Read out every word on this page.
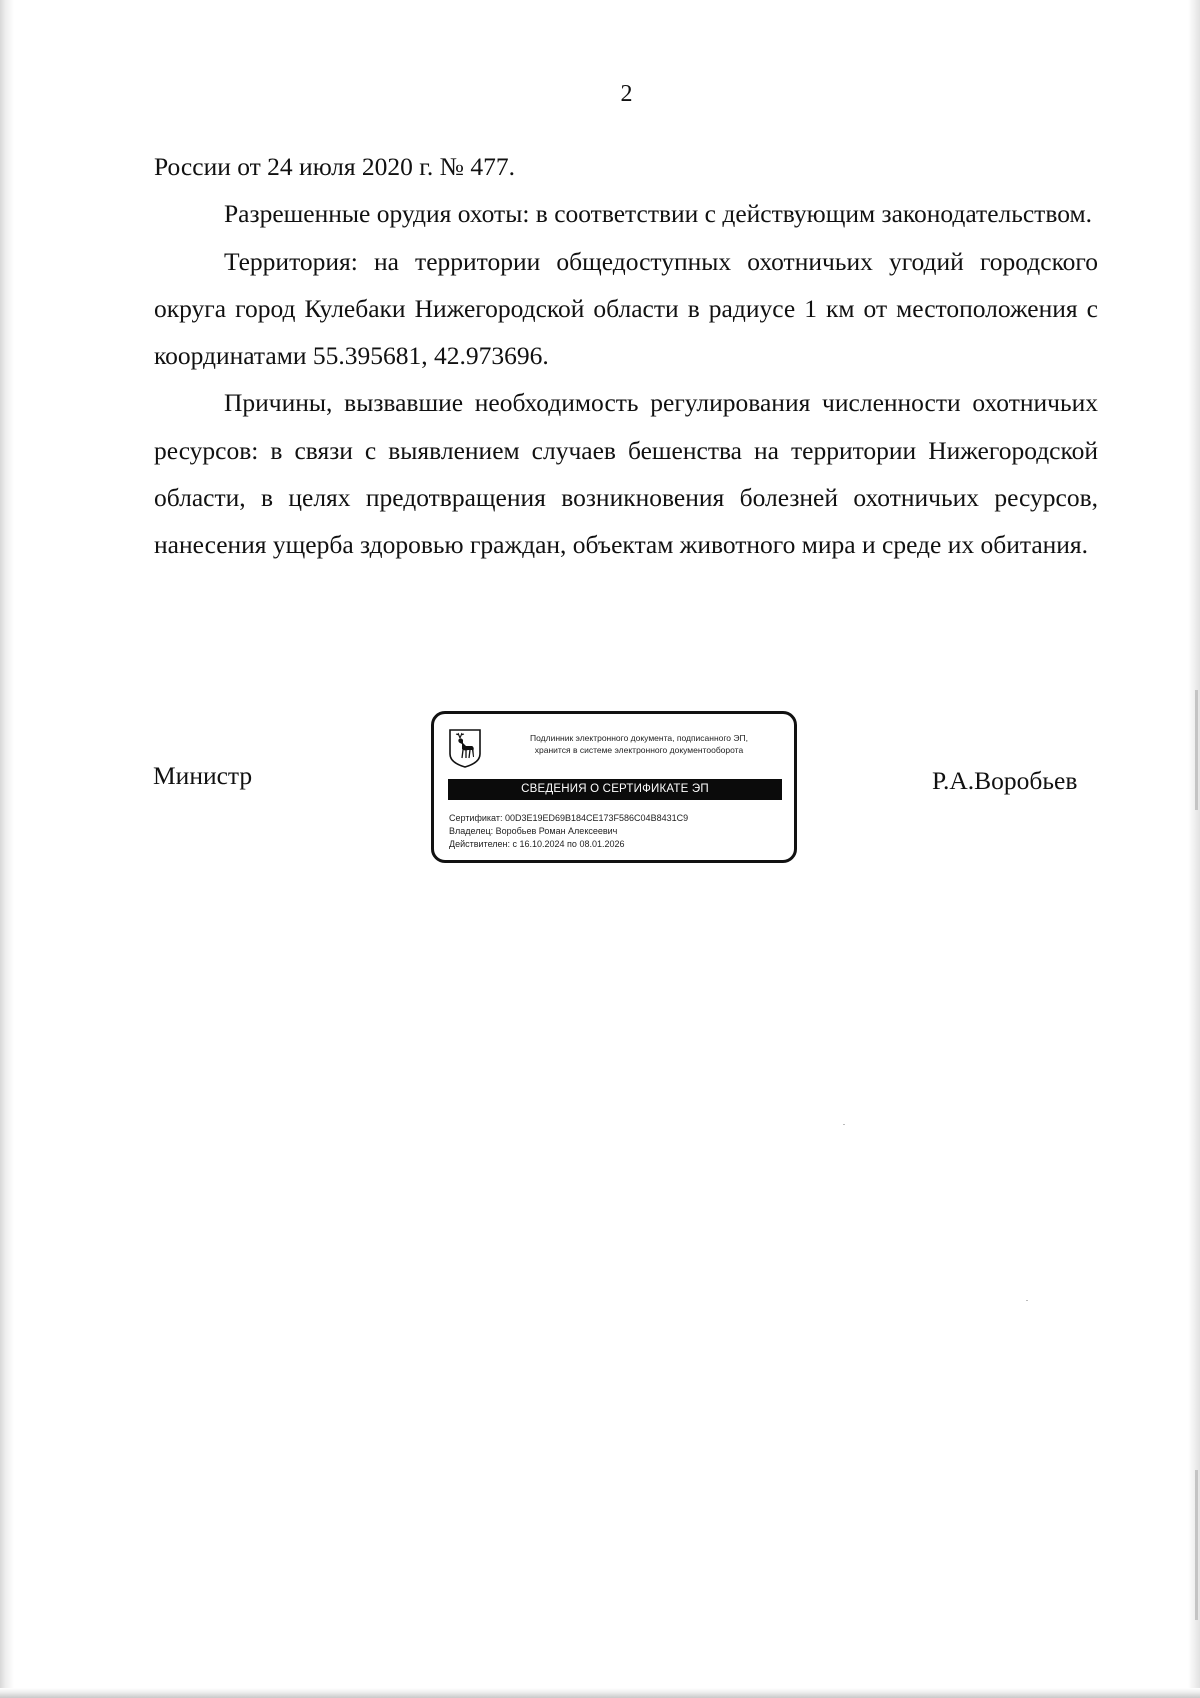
2

России от 24 июля 2020 г. № 477.

Разрешенные орудия охоты: в соответствии с действующим законодательством.

Территория: на территории общедоступных охотничьих угодий городского округа город Кулебаки Нижегородской области в радиусе 1 км от местоположения с координатами 55.395681, 42.973696.

Причины, вызвавшие необходимость регулирования численности охотничьих ресурсов: в связи с выявлением случаев бешенства на территории Нижегородской области, в целях предотвращения возникновения болезней охотничьих ресурсов, нанесения ущерба здоровью граждан, объектам животного мира и среде их обитания.

Министр
Подлинник электронного документа, подписанного ЭП,
хранится в системе электронного документооборота
СВЕДЕНИЯ О СЕРТИФИКАТЕ ЭП
Сертификат: 00D3E19ED69B184CE173F586C04B8431C9
Владелец: Воробьев Роман Алексеевич
Действителен: с 16.10.2024 по 08.01.2026
Р.А.Воробьев
